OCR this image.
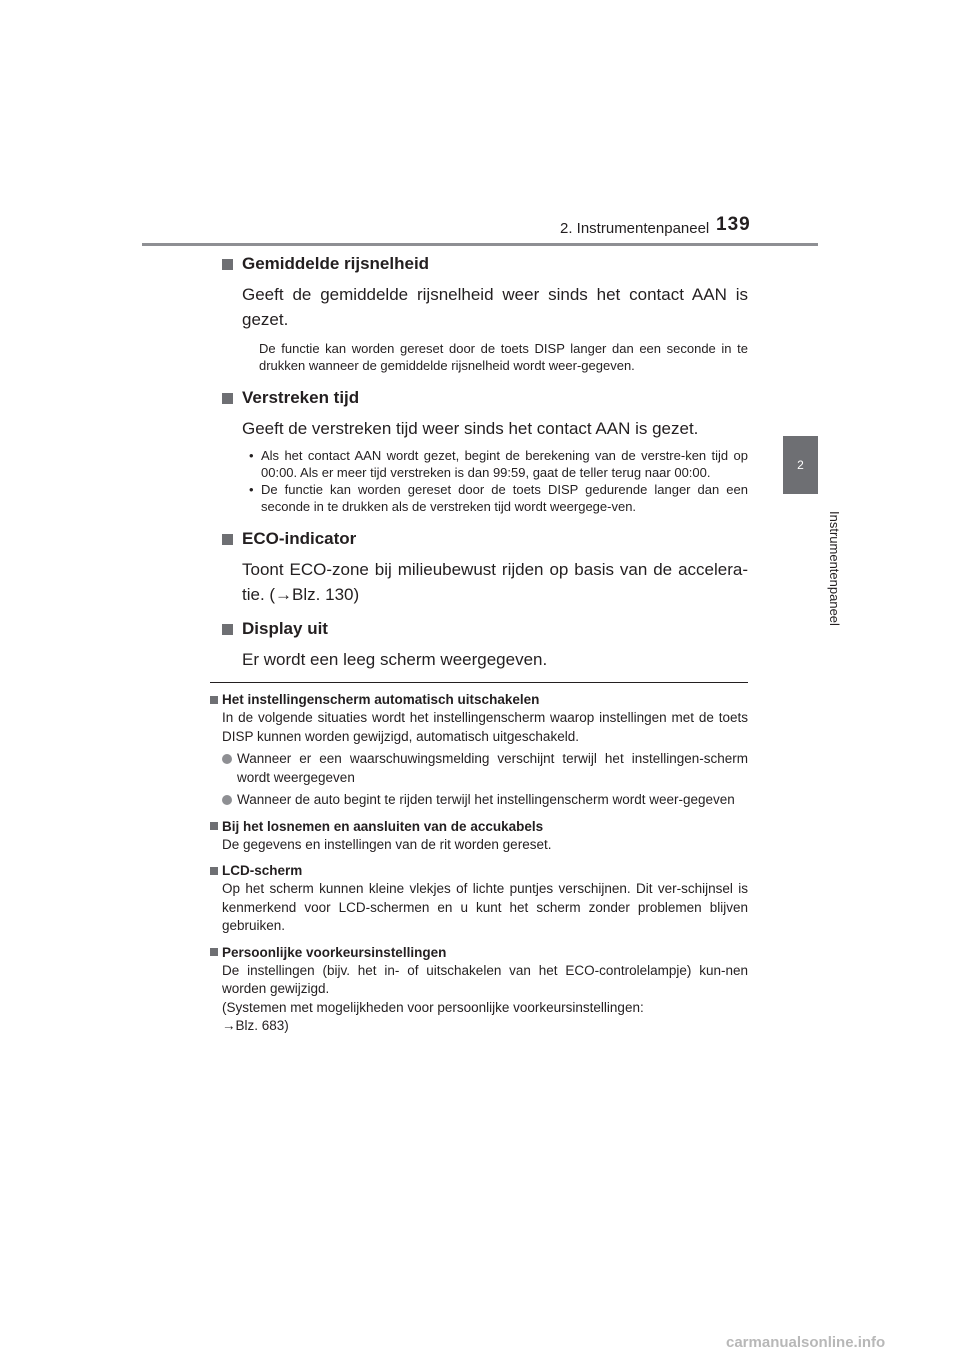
2. Instrumentenpaneel 139
2
Instrumentenpaneel
Gemiddelde rijsnelheid
Geeft de gemiddelde rijsnelheid weer sinds het contact AAN is gezet.
De functie kan worden gereset door de toets DISP langer dan een seconde in te drukken wanneer de gemiddelde rijsnelheid wordt weer-gegeven.
Verstreken tijd
Geeft de verstreken tijd weer sinds het contact AAN is gezet.
• Als het contact AAN wordt gezet, begint de berekening van de verstre-ken tijd op 00:00. Als er meer tijd verstreken is dan 99:59, gaat de teller terug naar 00:00.
• De functie kan worden gereset door de toets DISP gedurende langer dan een seconde in te drukken als de verstreken tijd wordt weergege-ven.
ECO-indicator
Toont ECO-zone bij milieubewust rijden op basis van de accelera-tie. (→Blz. 130)
Display uit
Er wordt een leeg scherm weergegeven.
Het instellingenscherm automatisch uitschakelen
In de volgende situaties wordt het instellingenscherm waarop instellingen met de toets DISP kunnen worden gewijzigd, automatisch uitgeschakeld.
Wanneer er een waarschuwingsmelding verschijnt terwijl het instellingen-scherm wordt weergegeven
Wanneer de auto begint te rijden terwijl het instellingenscherm wordt weer-gegeven
Bij het losnemen en aansluiten van de accukabels
De gegevens en instellingen van de rit worden gereset.
LCD-scherm
Op het scherm kunnen kleine vlekjes of lichte puntjes verschijnen. Dit ver-schijnsel is kenmerkend voor LCD-schermen en u kunt het scherm zonder problemen blijven gebruiken.
Persoonlijke voorkeursinstellingen
De instellingen (bijv. het in- of uitschakelen van het ECO-controlelampje) kun-nen worden gewijzigd.
(Systemen met mogelijkheden voor persoonlijke voorkeursinstellingen:
→Blz. 683)
carmanualsonline.info
